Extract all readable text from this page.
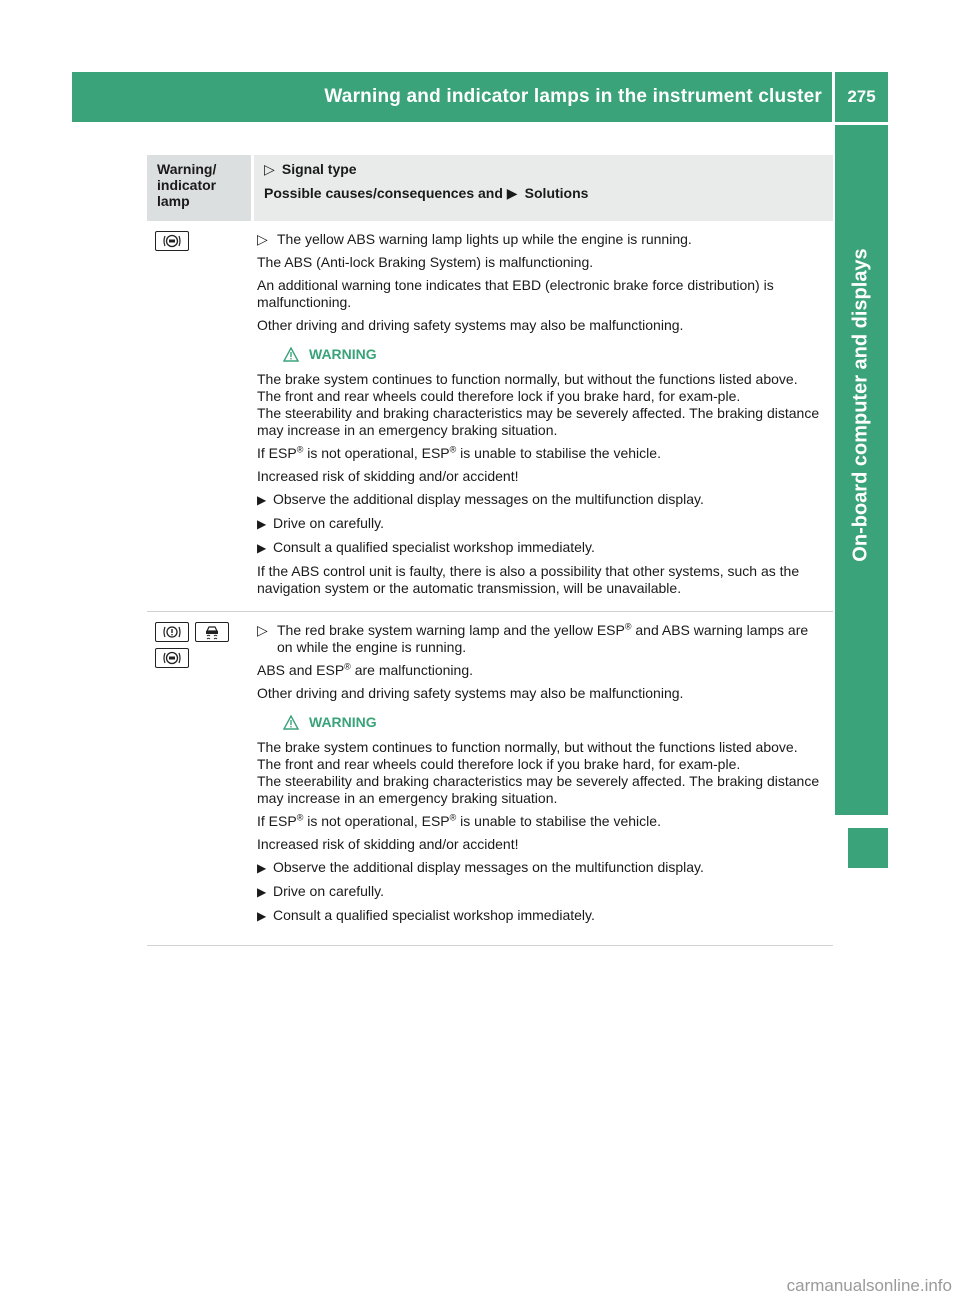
Warning and indicator lamps in the instrument cluster 275
On-board computer and displays
Warning/ indicator lamp
▷ Signal type
Possible causes/consequences and ▶ Solutions
▷ The yellow ABS warning lamp lights up while the engine is running.

The ABS (Anti-lock Braking System) is malfunctioning.

An additional warning tone indicates that EBD (electronic brake force distribution) is malfunctioning.

Other driving and driving safety systems may also be malfunctioning.

WARNING

The brake system continues to function normally, but without the functions listed above. The front and rear wheels could therefore lock if you brake hard, for exam-ple.

The steerability and braking characteristics may be severely affected. The braking distance may increase in an emergency braking situation.

If ESP® is not operational, ESP® is unable to stabilise the vehicle.

Increased risk of skidding and/or accident!

▶ Observe the additional display messages on the multifunction display.
▶ Drive on carefully.
▶ Consult a qualified specialist workshop immediately.

If the ABS control unit is faulty, there is also a possibility that other systems, such as the navigation system or the automatic transmission, will be unavailable.

▷ The red brake system warning lamp and the yellow ESP® and ABS warning lamps are on while the engine is running.

ABS and ESP® are malfunctioning.

Other driving and driving safety systems may also be malfunctioning.

WARNING

The brake system continues to function normally, but without the functions listed above. The front and rear wheels could therefore lock if you brake hard, for exam-ple.

The steerability and braking characteristics may be severely affected. The braking distance may increase in an emergency braking situation.

If ESP® is not operational, ESP® is unable to stabilise the vehicle.

Increased risk of skidding and/or accident!

▶ Observe the additional display messages on the multifunction display.
▶ Drive on carefully.
▶ Consult a qualified specialist workshop immediately.
carmanualsonline.info
